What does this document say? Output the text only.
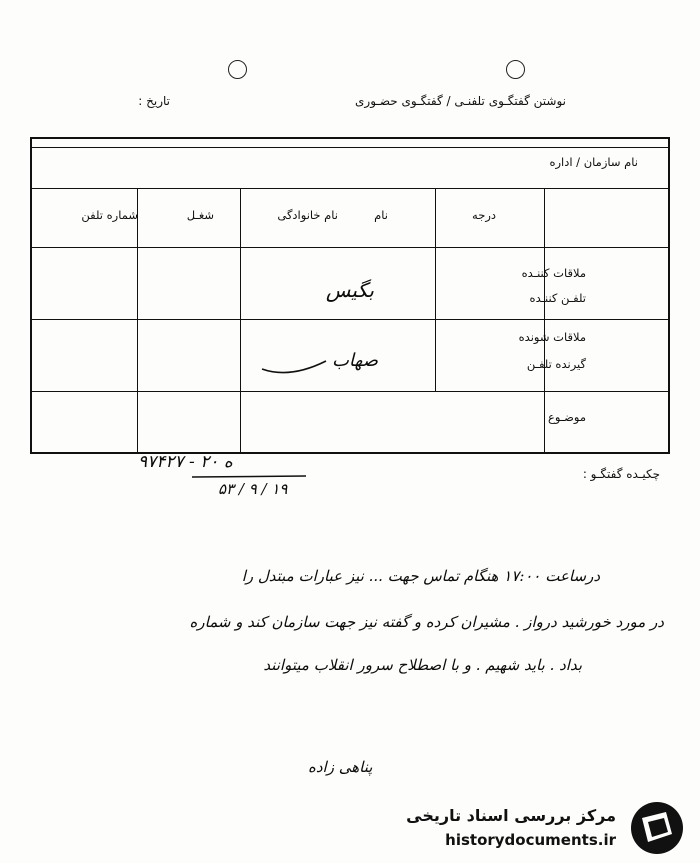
نوشتن گفتگـوی تلفنـی / گفتگـوی حضـوری
تاریخ :
نام سازمان / اداره
درجه
نام
نام خانوادگی
شغـل
شماره تلفن
ملاقات کننـده
تلفـن کننـده
ملاقات شونده
گیرنده تلفـن
موضـوع
بگیس
صهاب
چکیـده گفتگـو :
۹۷۴۲۷ - ۲۰ ه
۵۳ / ۹ / ۱۹
درساعت ۱۷:۰۰ هنگام تماس جهت ... نیز عبارات مبتدل را
در مورد خورشید درواز . مشیران کرده و گفته نیز جهت سازمان کند و شماره
بداد . باید شهیم . و با اصطلاح سرور انقلاب میتوانند
پناهی زاده
مرکز بررسی اسناد تاریخی
historydocuments.ir
